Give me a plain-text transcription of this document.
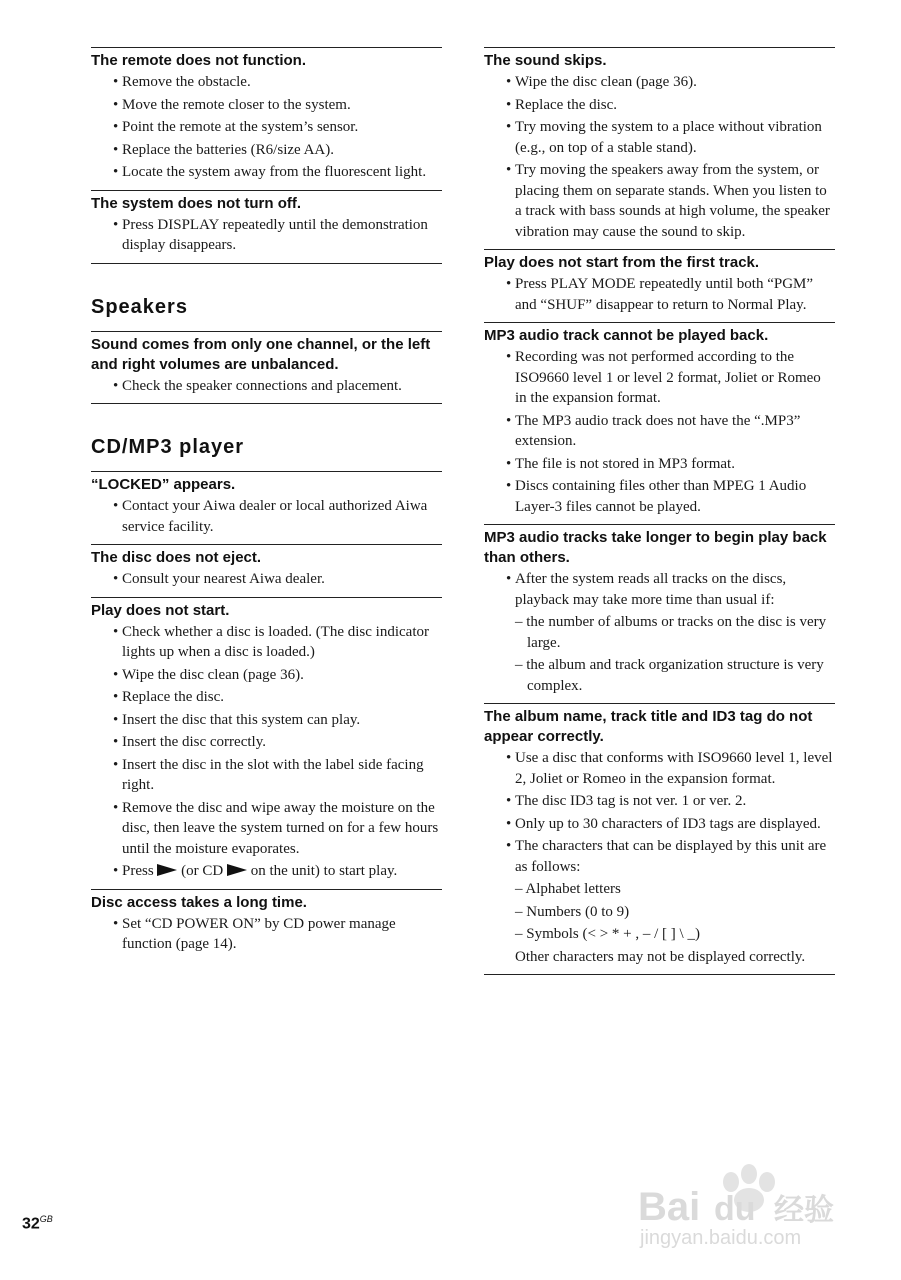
The remote does not function.
• Remove the obstacle.
• Move the remote closer to the system.
• Point the remote at the system’s sensor.
• Replace the batteries (R6/size AA).
• Locate the system away from the fluorescent light.
The system does not turn off.
• Press DISPLAY repeatedly until the demonstration display disappears.
Speakers
Sound comes from only one channel, or the left and right volumes are unbalanced.
• Check the speaker connections and placement.
CD/MP3 player
“LOCKED” appears.
• Contact your Aiwa dealer or local authorized Aiwa service facility.
The disc does not eject.
• Consult your nearest Aiwa dealer.
Play does not start.
• Check whether a disc is loaded. (The disc indicator lights up when a disc is loaded.)
• Wipe the disc clean (page 36).
• Replace the disc.
• Insert the disc that this system can play.
• Insert the disc correctly.
• Insert the disc in the slot with the label side facing right.
• Remove the disc and wipe away the moisture on the disc, then leave the system turned on for a few hours until the moisture evaporates.
• Press (or CD on the unit) to start play.
Disc access takes a long time.
• Set “CD POWER ON” by CD power manage function (page 14).
The sound skips.
• Wipe the disc clean (page 36).
• Replace the disc.
• Try moving the system to a place without vibration (e.g., on top of a stable stand).
• Try moving the speakers away from the system, or placing them on separate stands. When you listen to a track with bass sounds at high volume, the speaker vibration may cause the sound to skip.
Play does not start from the first track.
• Press PLAY MODE repeatedly until both “PGM” and “SHUF” disappear to return to Normal Play.
MP3 audio track cannot be played back.
• Recording was not performed according to the ISO9660 level 1 or level 2 format, Joliet or Romeo in the expansion format.
• The MP3 audio track does not have the “.MP3” extension.
• The file is not stored in MP3 format.
• Discs containing files other than MPEG 1 Audio Layer-3 files cannot be played.
MP3 audio tracks take longer to begin play back than others.
• After the system reads all tracks on the discs, playback may take more time than usual if:
– the number of albums or tracks on the disc is very large.
– the album and track organization structure is very complex.
The album name, track title and ID3 tag do not appear correctly.
• Use a disc that conforms with ISO9660 level 1, level 2, Joliet or Romeo in the expansion format.
• The disc ID3 tag is not ver. 1 or ver. 2.
• Only up to 30 characters of ID3 tags are displayed.
• The characters that can be displayed by this unit are as follows:
– Alphabet letters
– Numbers (0 to 9)
– Symbols (< > * + , – / [ ] \ _)
Other characters may not be displayed correctly.
$32^{GB}$	Bai du 经验
jingyan.baidu.com
